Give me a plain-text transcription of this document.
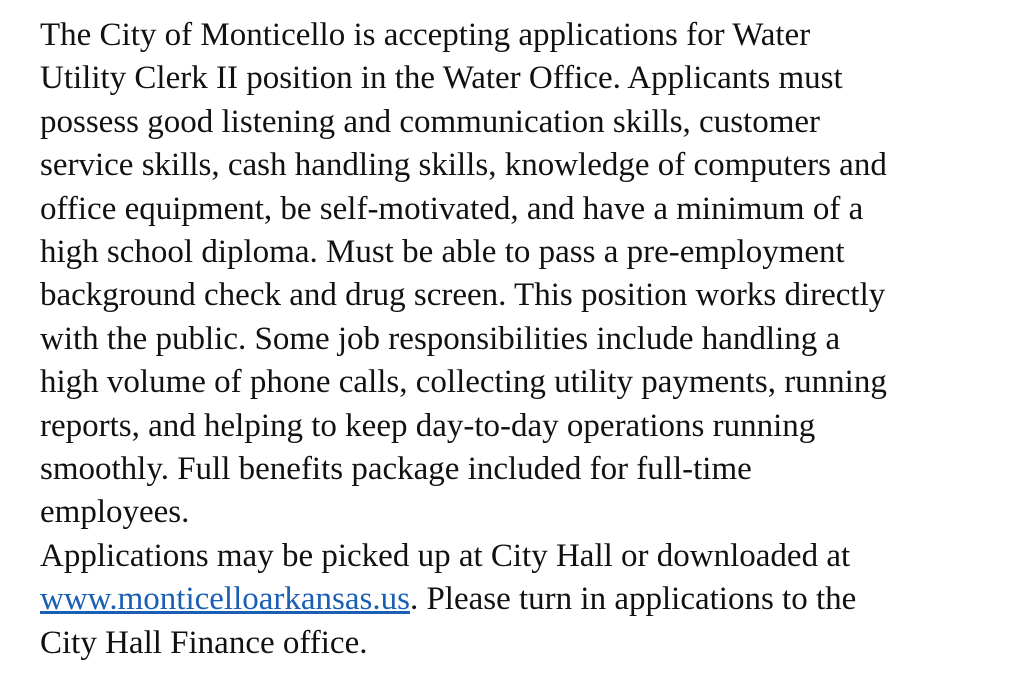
The City of Monticello is accepting applications for Water
Utility Clerk II position in the Water Office. Applicants must
possess good listening and communication skills, customer
service skills, cash handling skills, knowledge of computers and
office equipment, be self-motivated, and have a minimum of a
high school diploma. Must be able to pass a pre-employment
background check and drug screen. This position works directly
with the public. Some job responsibilities include handling a
high volume of phone calls, collecting utility payments, running
reports, and helping to keep day-to-day operations running
smoothly. Full benefits package included for full-time
employees.
Applications may be picked up at City Hall or downloaded at
www.monticelloarkansas.us. Please turn in applications to the
City Hall Finance office.
